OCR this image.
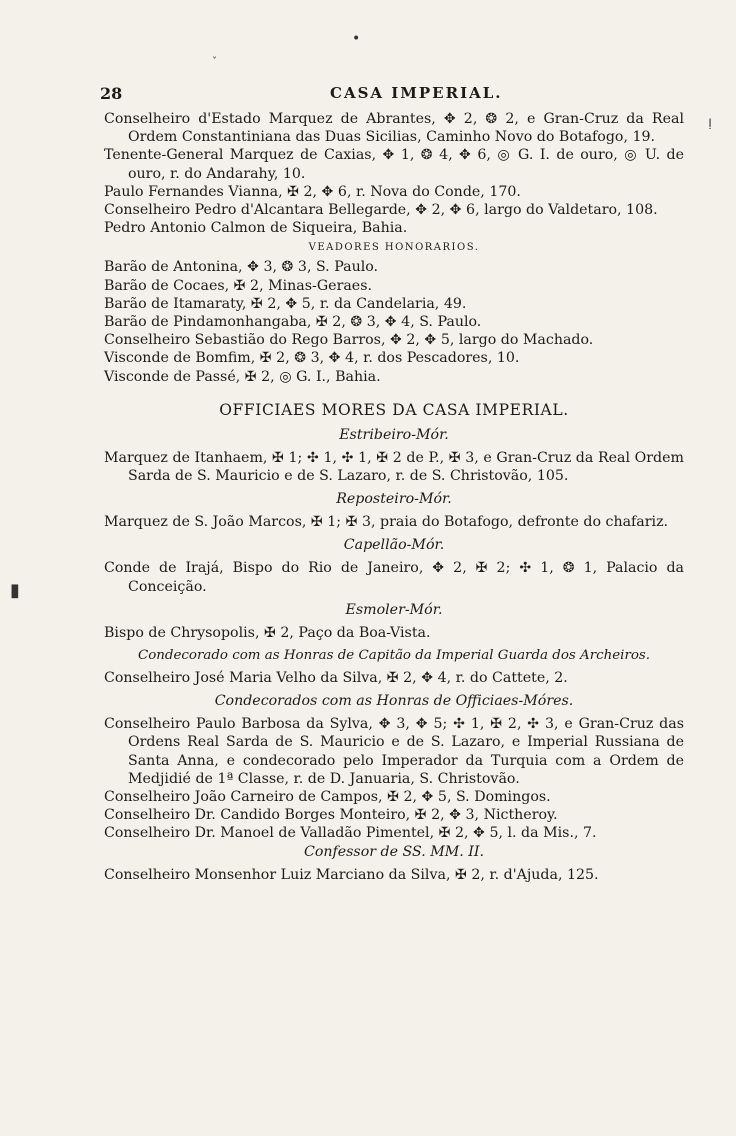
•
ˇ
ǃ
▮
28	CASA IMPERIAL.

Conselheiro d'Estado Marquez de Abrantes, ✥ 2, ❂ 2, e Gran-Cruz da Real Ordem Constantiniana das Duas Sicilias, Caminho Novo do Botafogo, 19.

Tenente-General Marquez de Caxias, ✥ 1, ❂ 4, ✥ 6, ◎ G. I. de ouro, ◎ U. de ouro, r. do Andarahy, 10.

Paulo Fernandes Vianna, ✠ 2, ✥ 6, r. Nova do Conde, 170.

Conselheiro Pedro d'Alcantara Bellegarde, ✥ 2, ✥ 6, largo do Valdetaro, 108.

Pedro Antonio Calmon de Siqueira, Bahia.

VEADORES HONORARIOS.

Barão de Antonina, ✥ 3, ❂ 3, S. Paulo.

Barão de Cocaes, ✠ 2, Minas-Geraes.

Barão de Itamaraty, ✠ 2, ✥ 5, r. da Candelaria, 49.

Barão de Pindamonhangaba, ✠ 2, ❂ 3, ✥ 4, S. Paulo.

Conselheiro Sebastião do Rego Barros, ✥ 2, ✥ 5, largo do Machado.

Visconde de Bomfim, ✠ 2, ❂ 3, ✥ 4, r. dos Pescadores, 10.

Visconde de Passé, ✠ 2, ◎ G. I., Bahia.

OFFICIAES MORES DA CASA IMPERIAL.

Estribeiro-Mór.

Marquez de Itanhaem, ✠ 1; ✣ 1, ✣ 1, ✠ 2 de P., ✠ 3, e Gran-Cruz da Real Ordem Sarda de S. Mauricio e de S. Lazaro, r. de S. Christovão, 105.

Reposteiro-Mór.

Marquez de S. João Marcos, ✠ 1; ✠ 3, praia do Botafogo, defronte do chafariz.

Capellão-Mór.

Conde de Irajá, Bispo do Rio de Janeiro, ✥ 2, ✠ 2; ✣ 1, ❂ 1, Palacio da Conceição.

Esmoler-Mór.

Bispo de Chrysopolis, ✠ 2, Paço da Boa-Vista.

Condecorado com as Honras de Capitão da Imperial Guarda dos Archeiros.

Conselheiro José Maria Velho da Silva, ✠ 2, ✥ 4, r. do Cattete, 2.

Condecorados com as Honras de Officiaes-Móres.

Conselheiro Paulo Barbosa da Sylva, ✥ 3, ✥ 5; ✣ 1, ✠ 2, ✣ 3, e Gran-Cruz das Ordens Real Sarda de S. Mauricio e de S. Lazaro, e Imperial Russiana de Santa Anna, e condecorado pelo Imperador da Turquia com a Ordem de Medjidié de 1ª Classe, r. de D. Januaria, S. Christovão.

Conselheiro João Carneiro de Campos, ✠ 2, ✥ 5, S. Domingos.

Conselheiro Dr. Candido Borges Monteiro, ✠ 2, ✥ 3, Nictheroy.

Conselheiro Dr. Manoel de Valladão Pimentel, ✠ 2, ✥ 5, l. da Mis., 7.

Confessor de SS. MM. II.

Conselheiro Monsenhor Luiz Marciano da Silva, ✠ 2, r. d'Ajuda, 125.
